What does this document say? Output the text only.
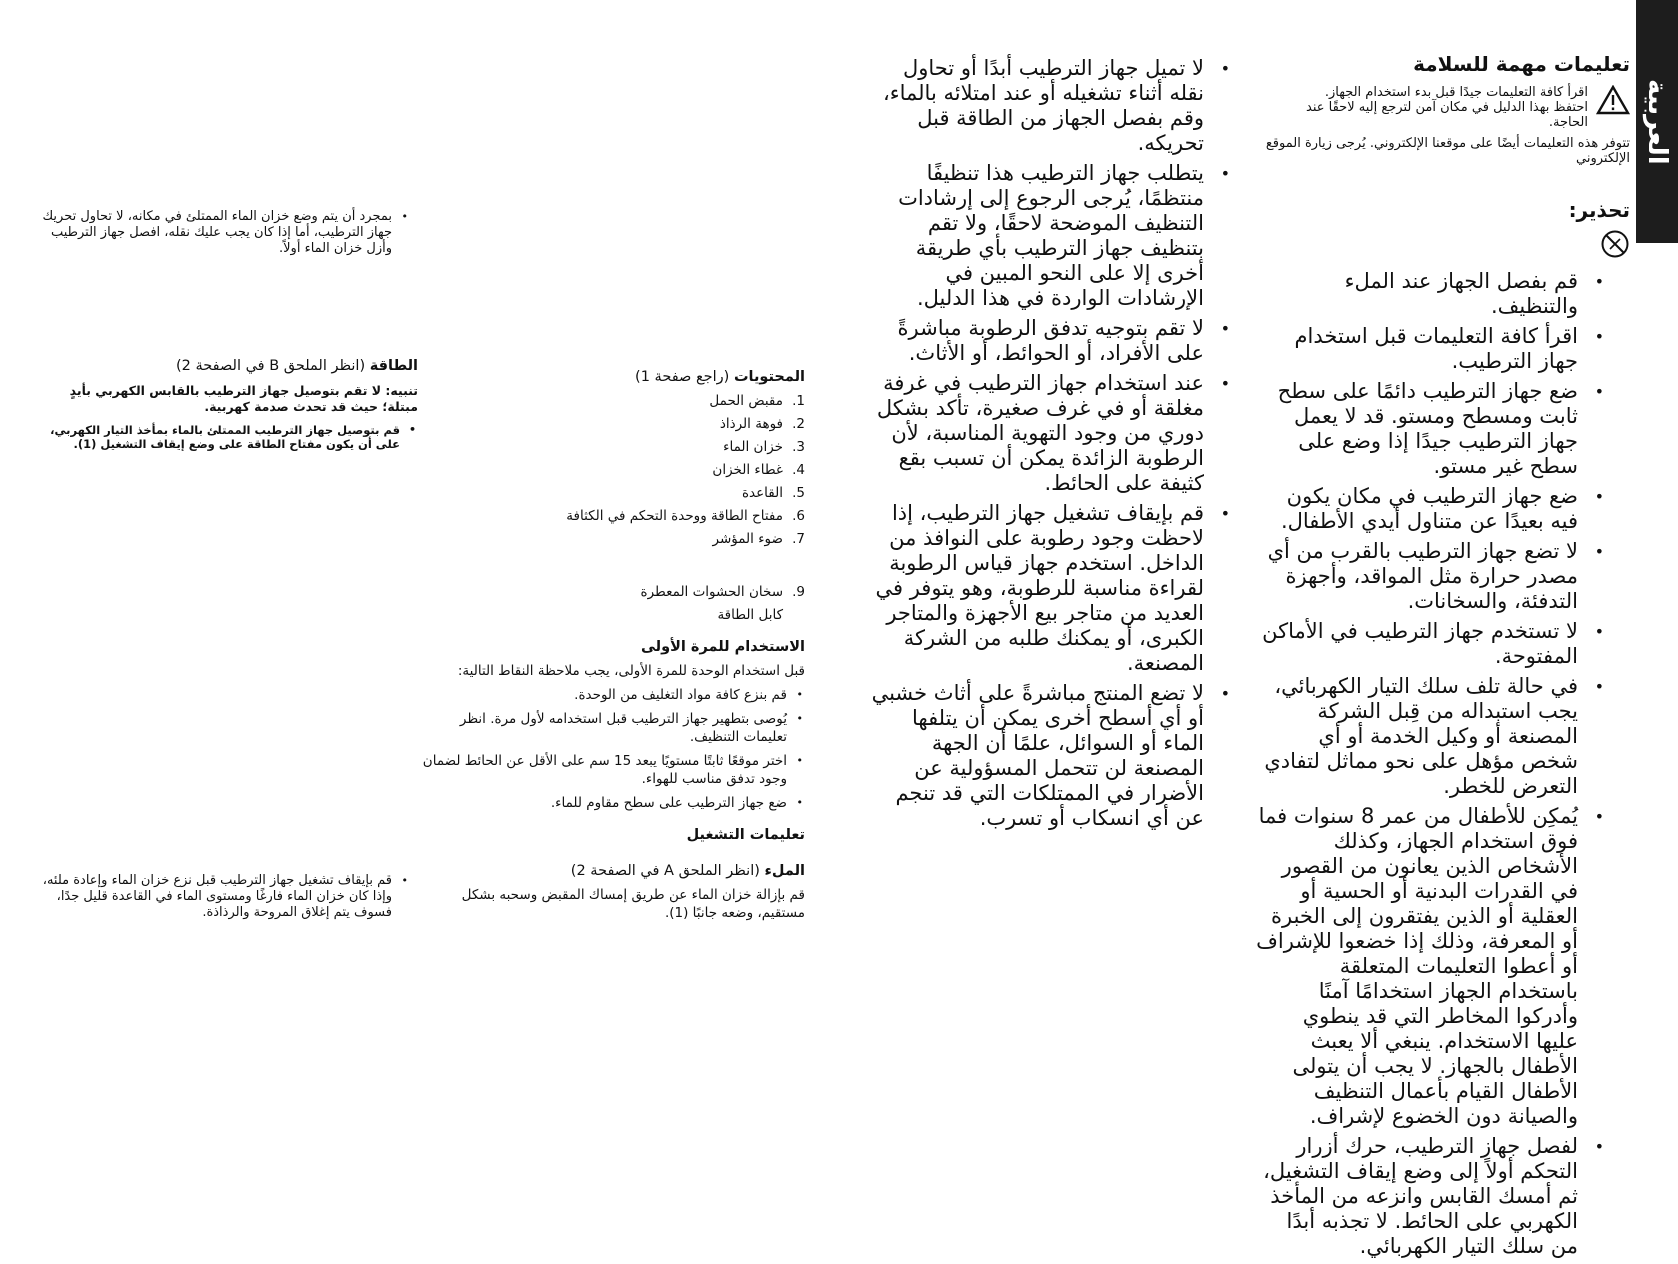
العربية
تعليمات مهمة للسلامة
اقرأ كافة التعليمات جيدًا قبل بدء استخدام الجهاز. احتفظ بهذا الدليل في مكان آمن لترجع إليه لاحقًا عند الحاجة.
تتوفر هذه التعليمات أيضًا على موقعنا الإلكتروني. يُرجى زيارة الموقع الإلكتروني
تحذير:
• قم بفصل الجهاز عند الملء والتنظيف.
• اقرأ كافة التعليمات قبل استخدام جهاز الترطيب.
• ضع جهاز الترطيب دائمًا على سطح ثابت ومسطح ومستو. قد لا يعمل جهاز الترطيب جيدًا إذا وضع على سطح غير مستو.
• ضع جهاز الترطيب في مكان يكون فيه بعيدًا عن متناول أيدي الأطفال.
• لا تضع جهاز الترطيب بالقرب من أي مصدر حرارة مثل المواقد، وأجهزة التدفئة، والسخانات.
• لا تستخدم جهاز الترطيب في الأماكن المفتوحة.
• في حالة تلف سلك التيار الكهربائي، يجب استبداله من قِبل الشركة المصنعة أو وكيل الخدمة أو أي شخص مؤهل على نحو مماثل لتفادي التعرض للخطر.
• يُمكِن للأطفال من عمر 8 سنوات فما فوق استخدام الجهاز، وكذلك الأشخاص الذين يعانون من القصور في القدرات البدنية أو الحسية أو العقلية أو الذين يفتقرون إلى الخبرة أو المعرفة، وذلك إذا خضعوا للإشراف أو أعطوا التعليمات المتعلقة باستخدام الجهاز استخدامًا آمنًا وأدركوا المخاطر التي قد ينطوي عليها الاستخدام. ينبغي ألا يعبث الأطفال بالجهاز. لا يجب أن يتولى الأطفال القيام بأعمال التنظيف والصيانة دون الخضوع لإشراف.
• لفصل جهاز الترطيب، حرك أزرار التحكم أولاً إلى وضع إيقاف التشغيل، ثم أمسك القابس وانزعه من المأخذ الكهربي على الحائط. لا تجذبه أبدًا من سلك التيار الكهربائي.
• لا تميل جهاز الترطيب أبدًا أو تحاول نقله أثناء تشغيله أو عند امتلائه بالماء، وقم بفصل الجهاز من الطاقة قبل تحريكه.
• يتطلب جهاز الترطيب هذا تنظيفًا منتظمًا، يُرجى الرجوع إلى إرشادات التنظيف الموضحة لاحقًا، ولا تقم بتنظيف جهاز الترطيب بأي طريقة أخرى إلا على النحو المبين في الإرشادات الواردة في هذا الدليل.
• لا تقم بتوجيه تدفق الرطوبة مباشرةً على الأفراد، أو الحوائط، أو الأثاث.
• عند استخدام جهاز الترطيب في غرفة مغلقة أو في غرف صغيرة، تأكد بشكل دوري من وجود التهوية المناسبة، لأن الرطوبة الزائدة يمكن أن تسبب بقع كثيفة على الحائط.
• قم بإيقاف تشغيل جهاز الترطيب، إذا لاحظت وجود رطوبة على النوافذ من الداخل. استخدم جهاز قياس الرطوبة لقراءة مناسبة للرطوبة، وهو يتوفر في العديد من متاجر بيع الأجهزة والمتاجر الكبرى، أو يمكنك طلبه من الشركة المصنعة.
• لا تضع المنتج مباشرةً على أثاث خشبي أو أي أسطح أخرى يمكن أن يتلفها الماء أو السوائل، علمًا أن الجهة المصنعة لن تتحمل المسؤولية عن الأضرار في الممتلكات التي قد تنجم عن أي انسكاب أو تسرب.
المحتويات (راجع صفحة 1)
1.
مقبض الحمل
2.
فوهة الرذاذ
3.
خزان الماء
4.
غطاء الخزان
5.
القاعدة
6.
مفتاح الطاقة ووحدة التحكم في الكثافة
7.
ضوء المؤشر
9.
سخان الحشوات المعطرة
كابل الطاقة
الاستخدام للمرة الأولى
قبل استخدام الوحدة للمرة الأولى، يجب ملاحظة النقاط التالية:
• قم بنزع كافة مواد التغليف من الوحدة.
• يُوصى بتطهير جهاز الترطيب قبل استخدامه لأول مرة. انظر تعليمات التنظيف.
• اختر موقعًا ثابتًا مستويًا يبعد 15 سم على الأقل عن الحائط لضمان وجود تدفق مناسب للهواء.
• ضع جهاز الترطيب على سطح مقاوم للماء.
تعليمات التشغيل
الملء (انظر الملحق A في الصفحة 2)
قم بإزالة خزان الماء عن طريق إمساك المقبض وسحبه بشكل مستقيم، وضعه جانبًا (1).
• بمجرد أن يتم وضع خزان الماء الممتلئ في مكانه، لا تحاول تحريك جهاز الترطيب، أما إذا كان يجب عليك نقله، افصل جهاز الترطيب وأزل خزان الماء أولاً.
الطاقة (انظر الملحق B في الصفحة 2)
تنبيه: لا تقم بتوصيل جهاز الترطيب بالقابس الكهربي بأيدٍ مبتلة؛ حيث قد تحدث صدمة كهربية.
• قم بتوصيل جهاز الترطيب الممتلئ بالماء بمأخذ التيار الكهربي، على أن يكون مفتاح الطاقة على وضع إيقاف التشغيل (1).
• قم بإيقاف تشغيل جهاز الترطيب قبل نزع خزان الماء وإعادة ملئه، وإذا كان خزان الماء فارغًا ومستوى الماء في القاعدة قليل جدًا، فسوف يتم إغلاق المروحة والرذاذة.
